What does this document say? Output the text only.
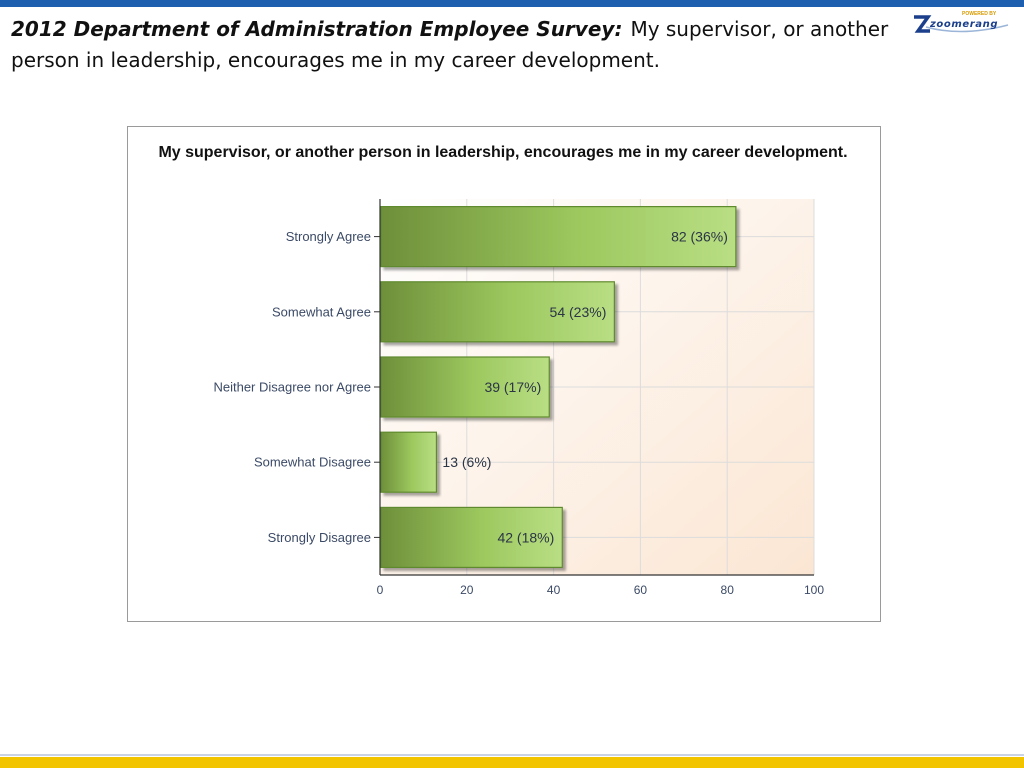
2012 Department of Administration Employee Survey: My supervisor, or another person in leadership, encourages me in my career development.
POWERED BY
zoomerang
My supervisor, or another person in leadership, encourages me in my career development.
82 (36%)
54 (23%)
39 (17%)
13 (6%)
42 (18%)
0	20	40	60	80	100
Strongly Agree
Somewhat Agree
Neither Disagree nor Agree
Somewhat Disagree
Strongly Disagree
